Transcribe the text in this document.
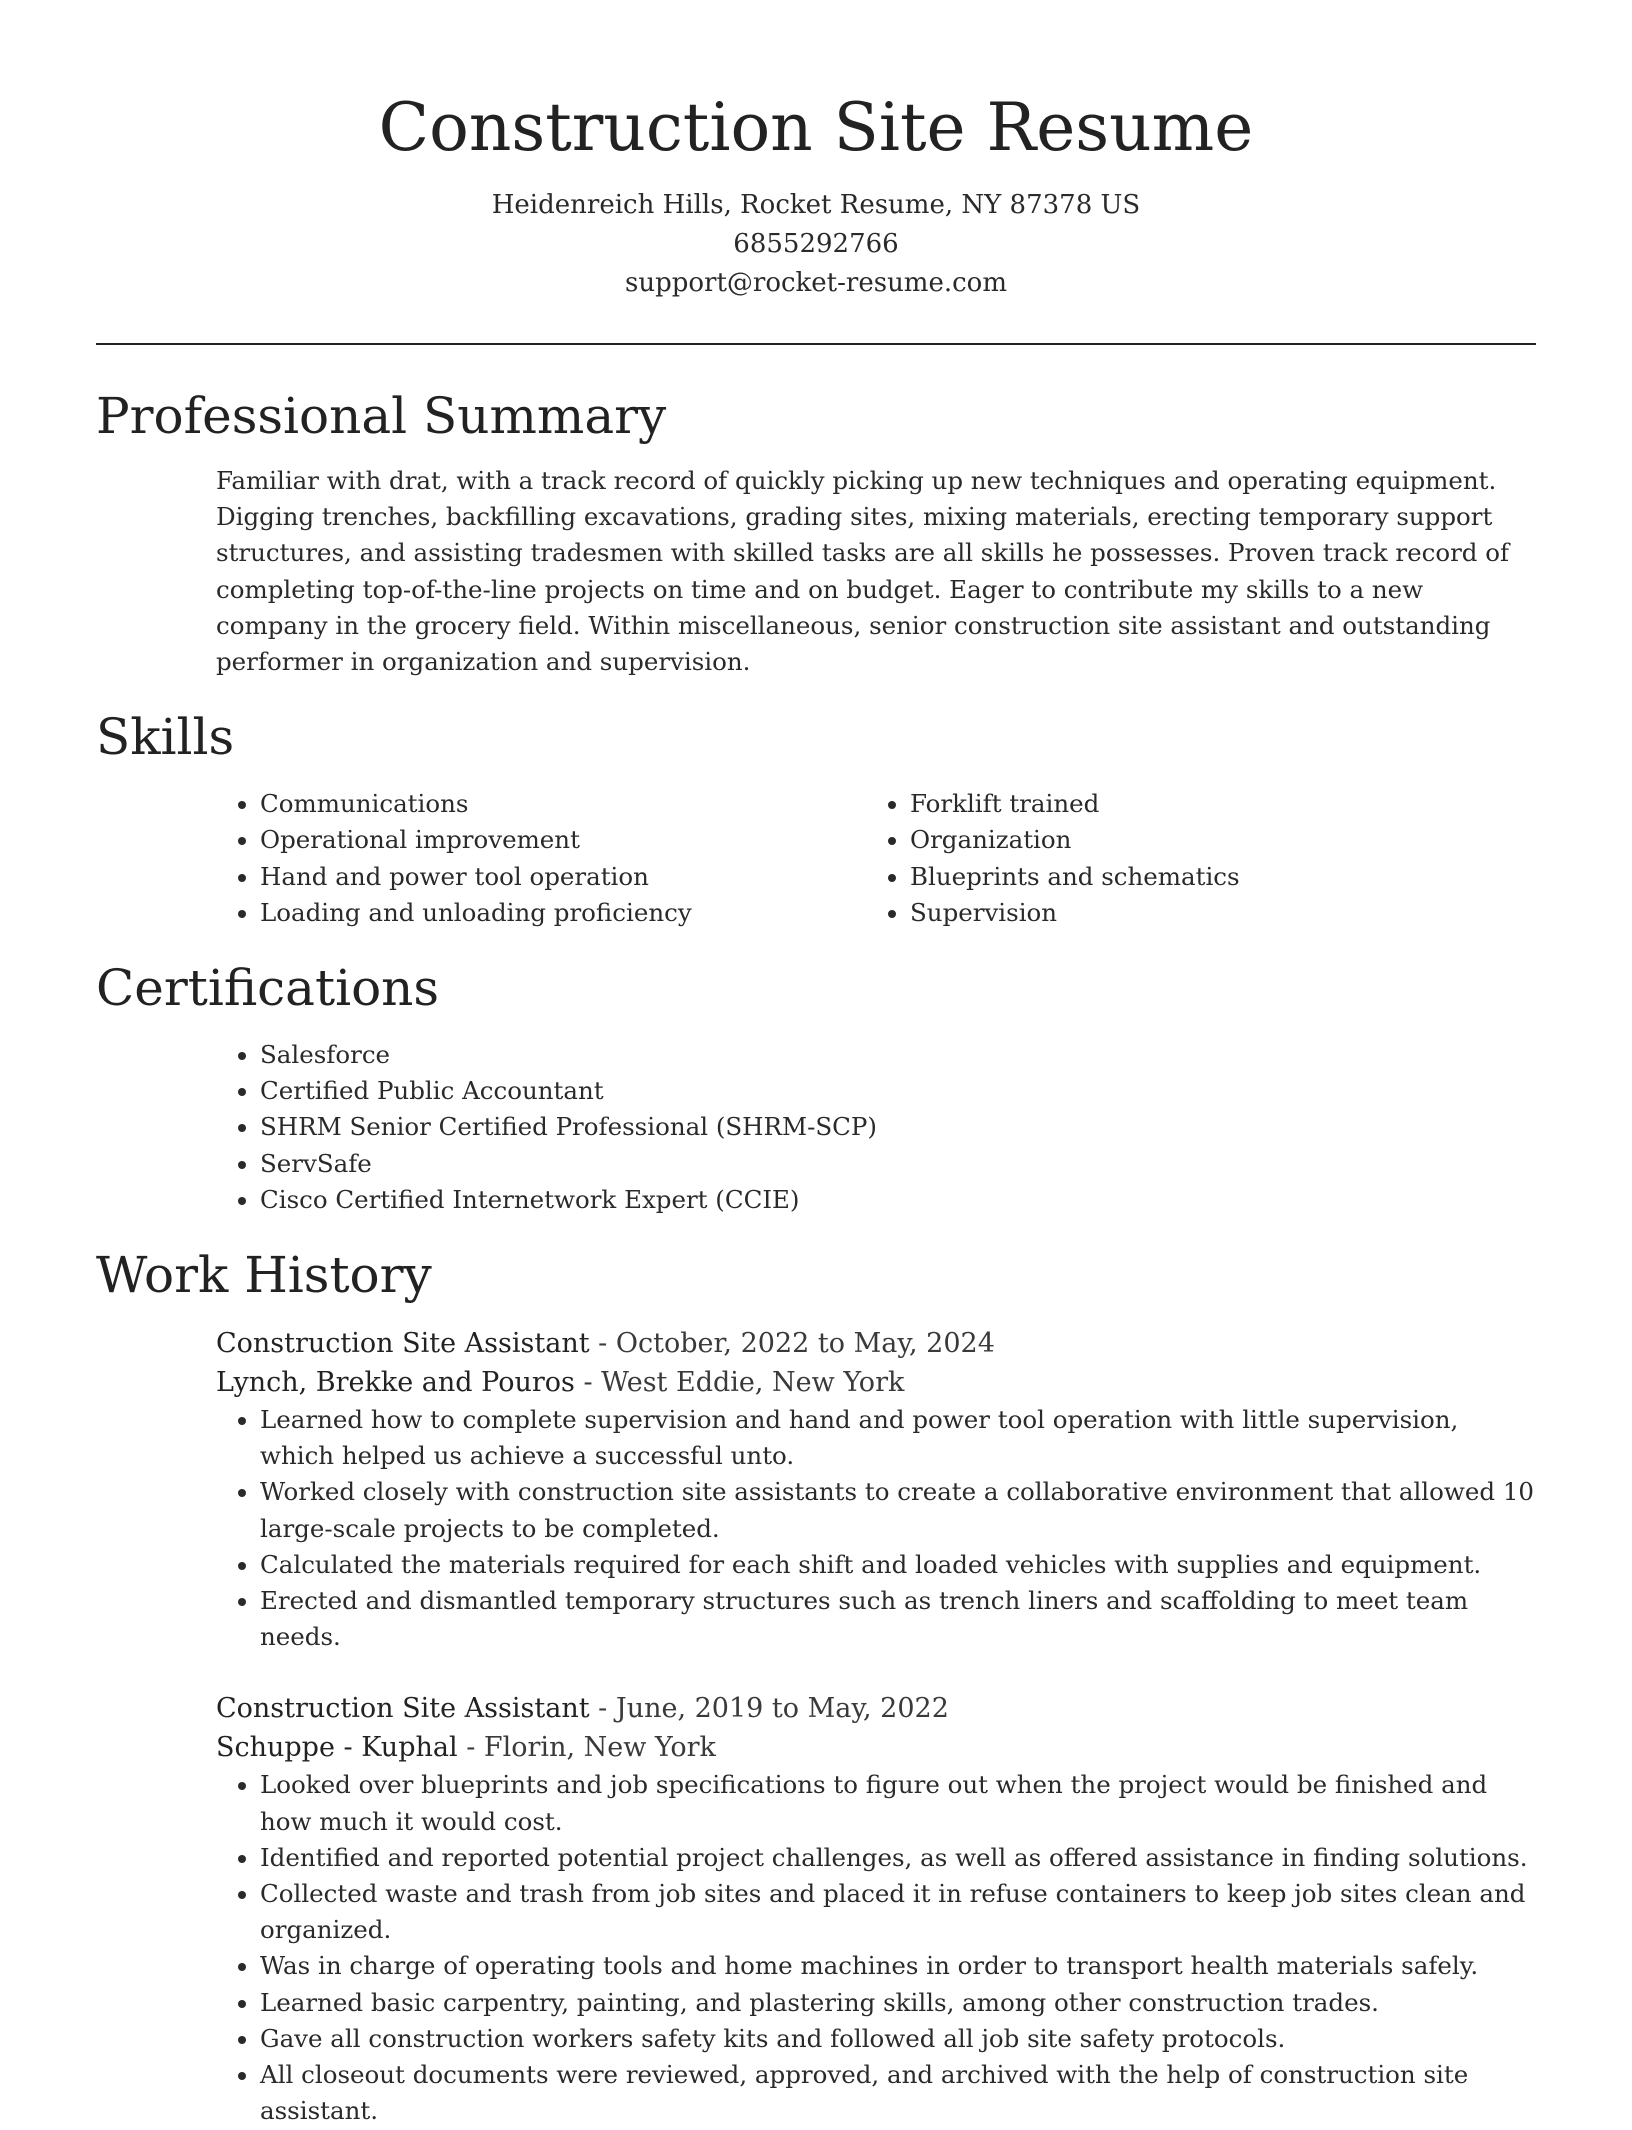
Construction Site Resume
Heidenreich Hills, Rocket Resume, NY 87378 US
6855292766
support@rocket-resume.com
Professional Summary
Familiar with drat, with a track record of quickly picking up new techniques and operating equipment. Digging trenches, backfilling excavations, grading sites, mixing materials, erecting temporary support structures, and assisting tradesmen with skilled tasks are all skills he possesses. Proven track record of completing top-of-the-line projects on time and on budget. Eager to contribute my skills to a new company in the grocery field. Within miscellaneous, senior construction site assistant and outstanding performer in organization and supervision.
Skills
• Communications
• Operational improvement
• Hand and power tool operation
• Loading and unloading proficiency
• Forklift trained
• Organization
• Blueprints and schematics
• Supervision
Certifications
• Salesforce
• Certified Public Accountant
• SHRM Senior Certified Professional (SHRM-SCP)
• ServSafe
• Cisco Certified Internetwork Expert (CCIE)
Work History
Construction Site Assistant - October, 2022 to May, 2024
Lynch, Brekke and Pouros - West Eddie, New York
• Learned how to complete supervision and hand and power tool operation with little supervision, which helped us achieve a successful unto.
• Worked closely with construction site assistants to create a collaborative environment that allowed 10 large-scale projects to be completed.
• Calculated the materials required for each shift and loaded vehicles with supplies and equipment.
• Erected and dismantled temporary structures such as trench liners and scaffolding to meet team needs.
Construction Site Assistant - June, 2019 to May, 2022
Schuppe - Kuphal - Florin, New York
• Looked over blueprints and job specifications to figure out when the project would be finished and how much it would cost.
• Identified and reported potential project challenges, as well as offered assistance in finding solutions.
• Collected waste and trash from job sites and placed it in refuse containers to keep job sites clean and organized.
• Was in charge of operating tools and home machines in order to transport health materials safely.
• Learned basic carpentry, painting, and plastering skills, among other construction trades.
• Gave all construction workers safety kits and followed all job site safety protocols.
• All closeout documents were reviewed, approved, and archived with the help of construction site assistant.
